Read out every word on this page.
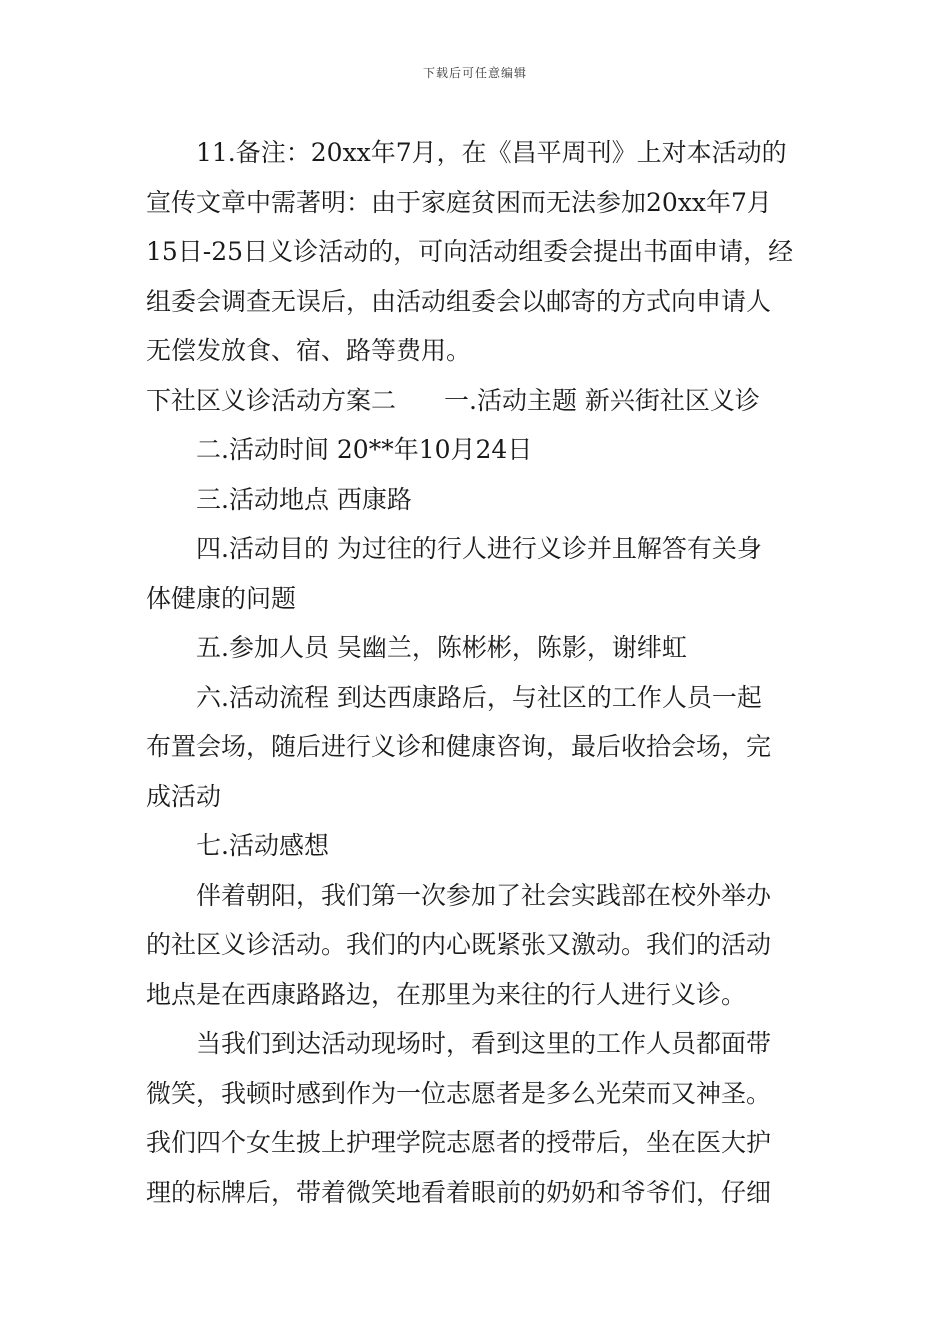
下载后可任意编辑
11.备注：20xx年7月，在《昌平周刊》上对本活动的
宣传文章中需著明：由于家庭贫困而无法参加20xx年7月
15日-25日义诊活动的，可向活动组委会提出书面申请，经
组委会调查无误后，由活动组委会以邮寄的方式向申请人
无偿发放食、宿、路等费用。
下社区义诊活动方案二 一.活动主题 新兴街社区义诊
二.活动时间 20**年10月24日
三.活动地点 西康路
四.活动目的 为过往的行人进行义诊并且解答有关身
体健康的问题
五.参加人员 吴幽兰，陈彬彬，陈影，谢绯虹
六.活动流程 到达西康路后，与社区的工作人员一起
布置会场，随后进行义诊和健康咨询，最后收拾会场，完
成活动
七.活动感想
伴着朝阳，我们第一次参加了社会实践部在校外举办
的社区义诊活动。我们的内心既紧张又激动。我们的活动
地点是在西康路路边，在那里为来往的行人进行义诊。
当我们到达活动现场时，看到这里的工作人员都面带
微笑，我顿时感到作为一位志愿者是多么光荣而又神圣。
我们四个女生披上护理学院志愿者的授带后，坐在医大护
理的标牌后，带着微笑地看着眼前的奶奶和爷爷们，仔细
